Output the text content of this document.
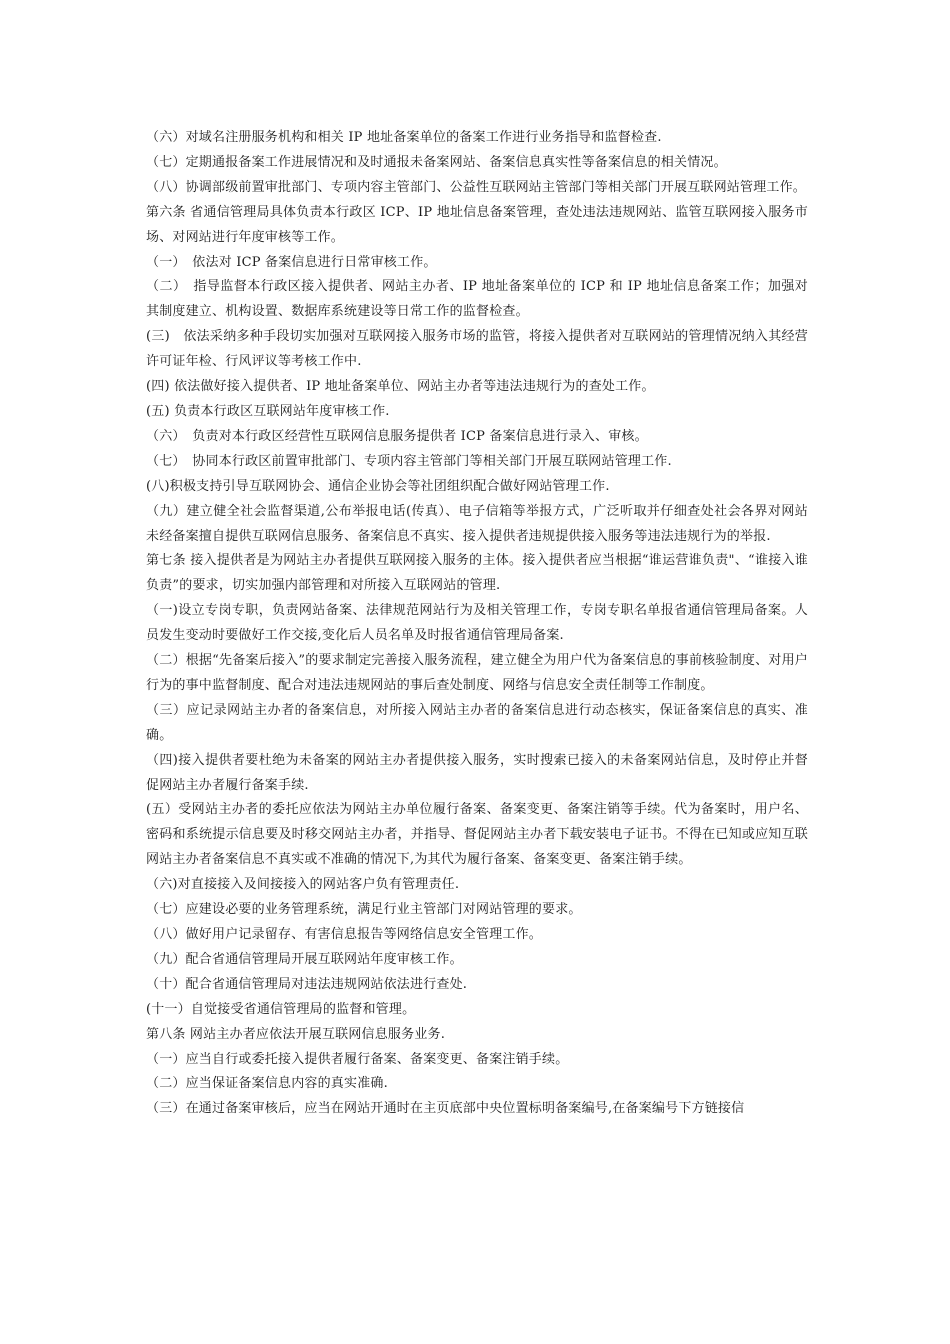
（六）对域名注册服务机构和相关 IP 地址备案单位的备案工作进行业务指导和监督检查.

（七）定期通报备案工作进展情况和及时通报未备案网站、备案信息真实性等备案信息的相关情况。

（八）协调部级前置审批部门、专项内容主管部门、公益性互联网站主管部门等相关部门开展互联网站管理工作。

第六条 省通信管理局具体负责本行政区 ICP、IP 地址信息备案管理，查处违法违规网站、监管互联网接入服务市场、对网站进行年度审核等工作。

（一）　依法对 ICP 备案信息进行日常审核工作。

（二）　指导监督本行政区接入提供者、网站主办者、IP 地址备案单位的 ICP 和 IP 地址信息备案工作；加强对其制度建立、机构设置、数据库系统建设等日常工作的监督检查。

(三)　依法采纳多种手段切实加强对互联网接入服务市场的监管，将接入提供者对互联网站的管理情况纳入其经营许可证年检、行风评议等考核工作中.

(四) 依法做好接入提供者、IP 地址备案单位、网站主办者等违法违规行为的查处工作。

(五) 负责本行政区互联网站年度审核工作.

（六）　负责对本行政区经营性互联网信息服务提供者 ICP 备案信息进行录入、审核。

（七）　协同本行政区前置审批部门、专项内容主管部门等相关部门开展互联网站管理工作.

(八)积极支持引导互联网协会、通信企业协会等社团组织配合做好网站管理工作.

（九）建立健全社会监督渠道,公布举报电话(传真）、电子信箱等举报方式，广泛听取并仔细查处社会各界对网站未经备案擅自提供互联网信息服务、备案信息不真实、接入提供者违规提供接入服务等违法违规行为的举报.

第七条 接入提供者是为网站主办者提供互联网接入服务的主体。接入提供者应当根据“谁运营谁负责"、“谁接入谁负责”的要求，切实加强内部管理和对所接入互联网站的管理.

（一)设立专岗专职，负责网站备案、法律规范网站行为及相关管理工作，专岗专职名单报省通信管理局备案。人员发生变动时要做好工作交接,变化后人员名单及时报省通信管理局备案.

（二）根据“先备案后接入”的要求制定完善接入服务流程，建立健全为用户代为备案信息的事前核验制度、对用户行为的事中监督制度、配合对违法违规网站的事后查处制度、网络与信息安全责任制等工作制度。

（三）应记录网站主办者的备案信息，对所接入网站主办者的备案信息进行动态核实，保证备案信息的真实、准确。

（四)接入提供者要杜绝为未备案的网站主办者提供接入服务，实时搜索已接入的未备案网站信息，及时停止并督促网站主办者履行备案手续.

(五）受网站主办者的委托应依法为网站主办单位履行备案、备案变更、备案注销等手续。代为备案时，用户名、密码和系统提示信息要及时移交网站主办者，并指导、督促网站主办者下载安装电子证书。不得在已知或应知互联网站主办者备案信息不真实或不准确的情况下,为其代为履行备案、备案变更、备案注销手续。

（六)对直接接入及间接接入的网站客户负有管理责任.

（七）应建设必要的业务管理系统，满足行业主管部门对网站管理的要求。

（八）做好用户记录留存、有害信息报告等网络信息安全管理工作。

（九）配合省通信管理局开展互联网站年度审核工作。

（十）配合省通信管理局对违法违规网站依法进行查处.

(十一）自觉接受省通信管理局的监督和管理。

第八条 网站主办者应依法开展互联网信息服务业务.

（一）应当自行或委托接入提供者履行备案、备案变更、备案注销手续。

（二）应当保证备案信息内容的真实准确.

（三）在通过备案审核后，应当在网站开通时在主页底部中央位置标明备案编号,在备案编号下方链接信
